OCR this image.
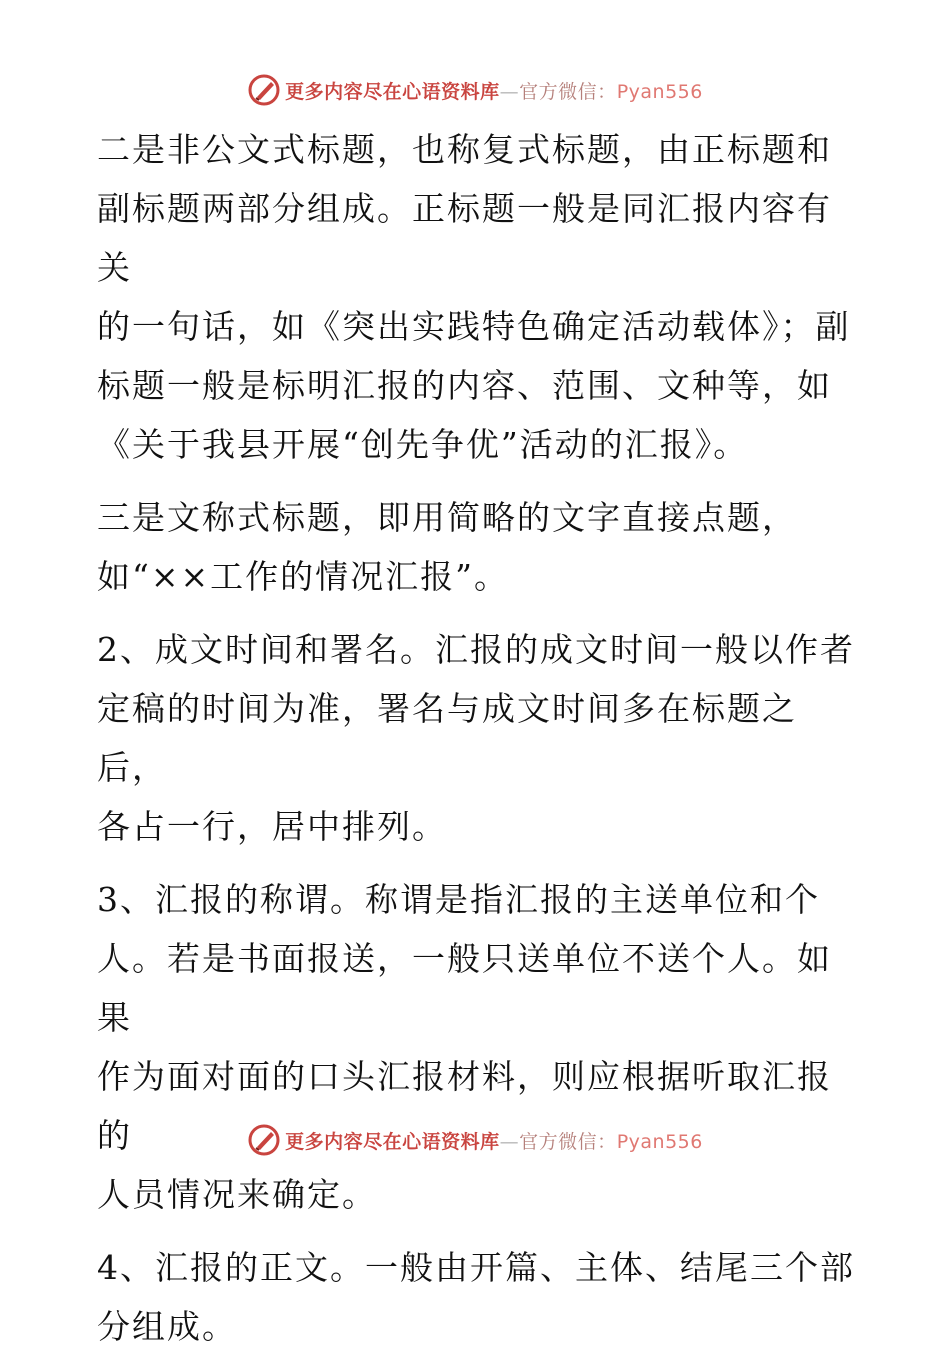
更多内容尽在心语资料库—官方微信：Pyan556

二是非公文式标题，也称复式标题，由正标题和
副标题两部分组成。正标题一般是同汇报内容有关
的一句话，如《突出实践特色确定活动载体》；副
标题一般是标明汇报的内容、范围、文种等，如
《关于我县开展“创先争优”活动的汇报》。

三是文称式标题，即用简略的文字直接点题，
如“××工作的情况汇报”。

2、成文时间和署名。汇报的成文时间一般以作者
定稿的时间为准，署名与成文时间多在标题之后，
各占一行，居中排列。

3、汇报的称谓。称谓是指汇报的主送单位和个
人。若是书面报送，一般只送单位不送个人。如果
作为面对面的口头汇报材料，则应根据听取汇报的
人员情况来确定。

4、汇报的正文。一般由开篇、主体、结尾三个部
分组成。

更多内容尽在心语资料库—官方微信：Pyan556
